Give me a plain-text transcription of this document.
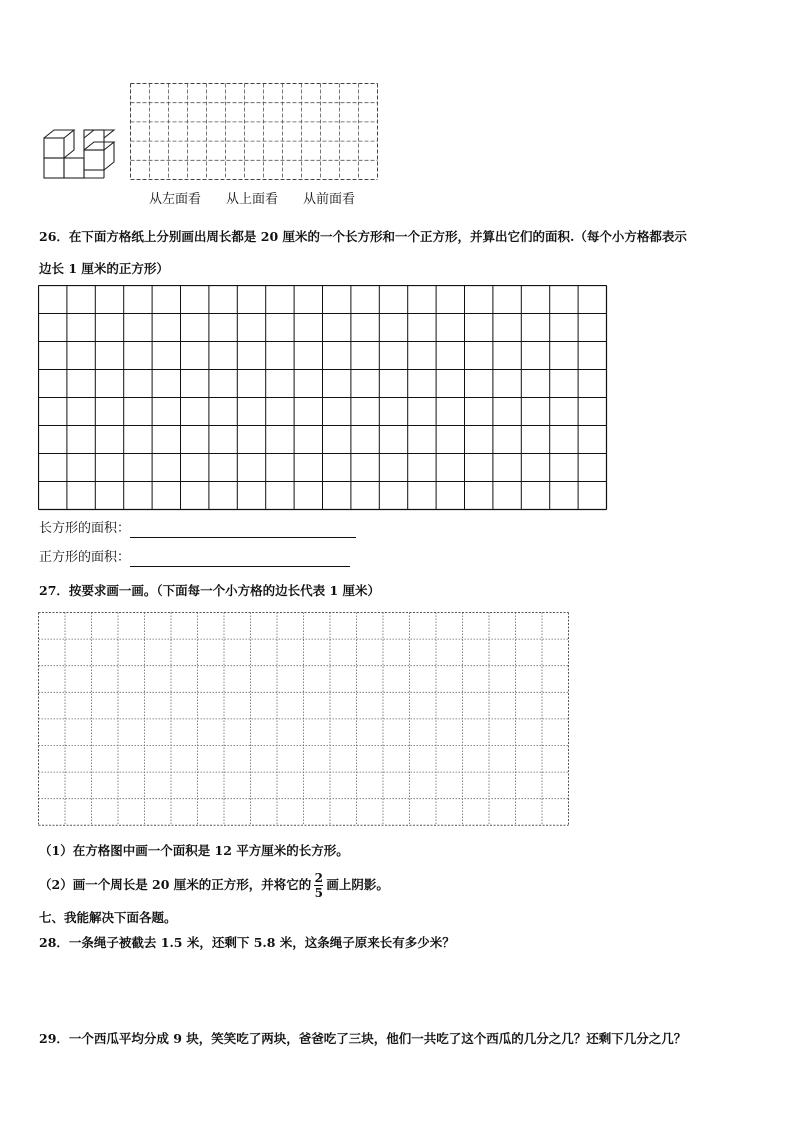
从左面看 从上面看 从前面看
26．在下面方格纸上分别画出周长都是 20 厘米的一个长方形和一个正方形，并算出它们的面积.（每个小方格都表示
边长 1 厘米的正方形）
长方形的面积：
正方形的面积：
27．按要求画一画。（下面每一个小方格的边长代表 1 厘米）
（1）在方格图中画一个面积是 12 平方厘米的长方形。
（2）画一个周长是 20 厘米的正方形，并将它的 $\frac{2}{5}$ 画上阴影。
七、我能解决下面各题。
28．一条绳子被截去 1.5 米，还剩下 5.8 米，这条绳子原来长有多少米？
29．一个西瓜平均分成 9 块，笑笑吃了两块，爸爸吃了三块，他们一共吃了这个西瓜的几分之几？还剩下几分之几？
